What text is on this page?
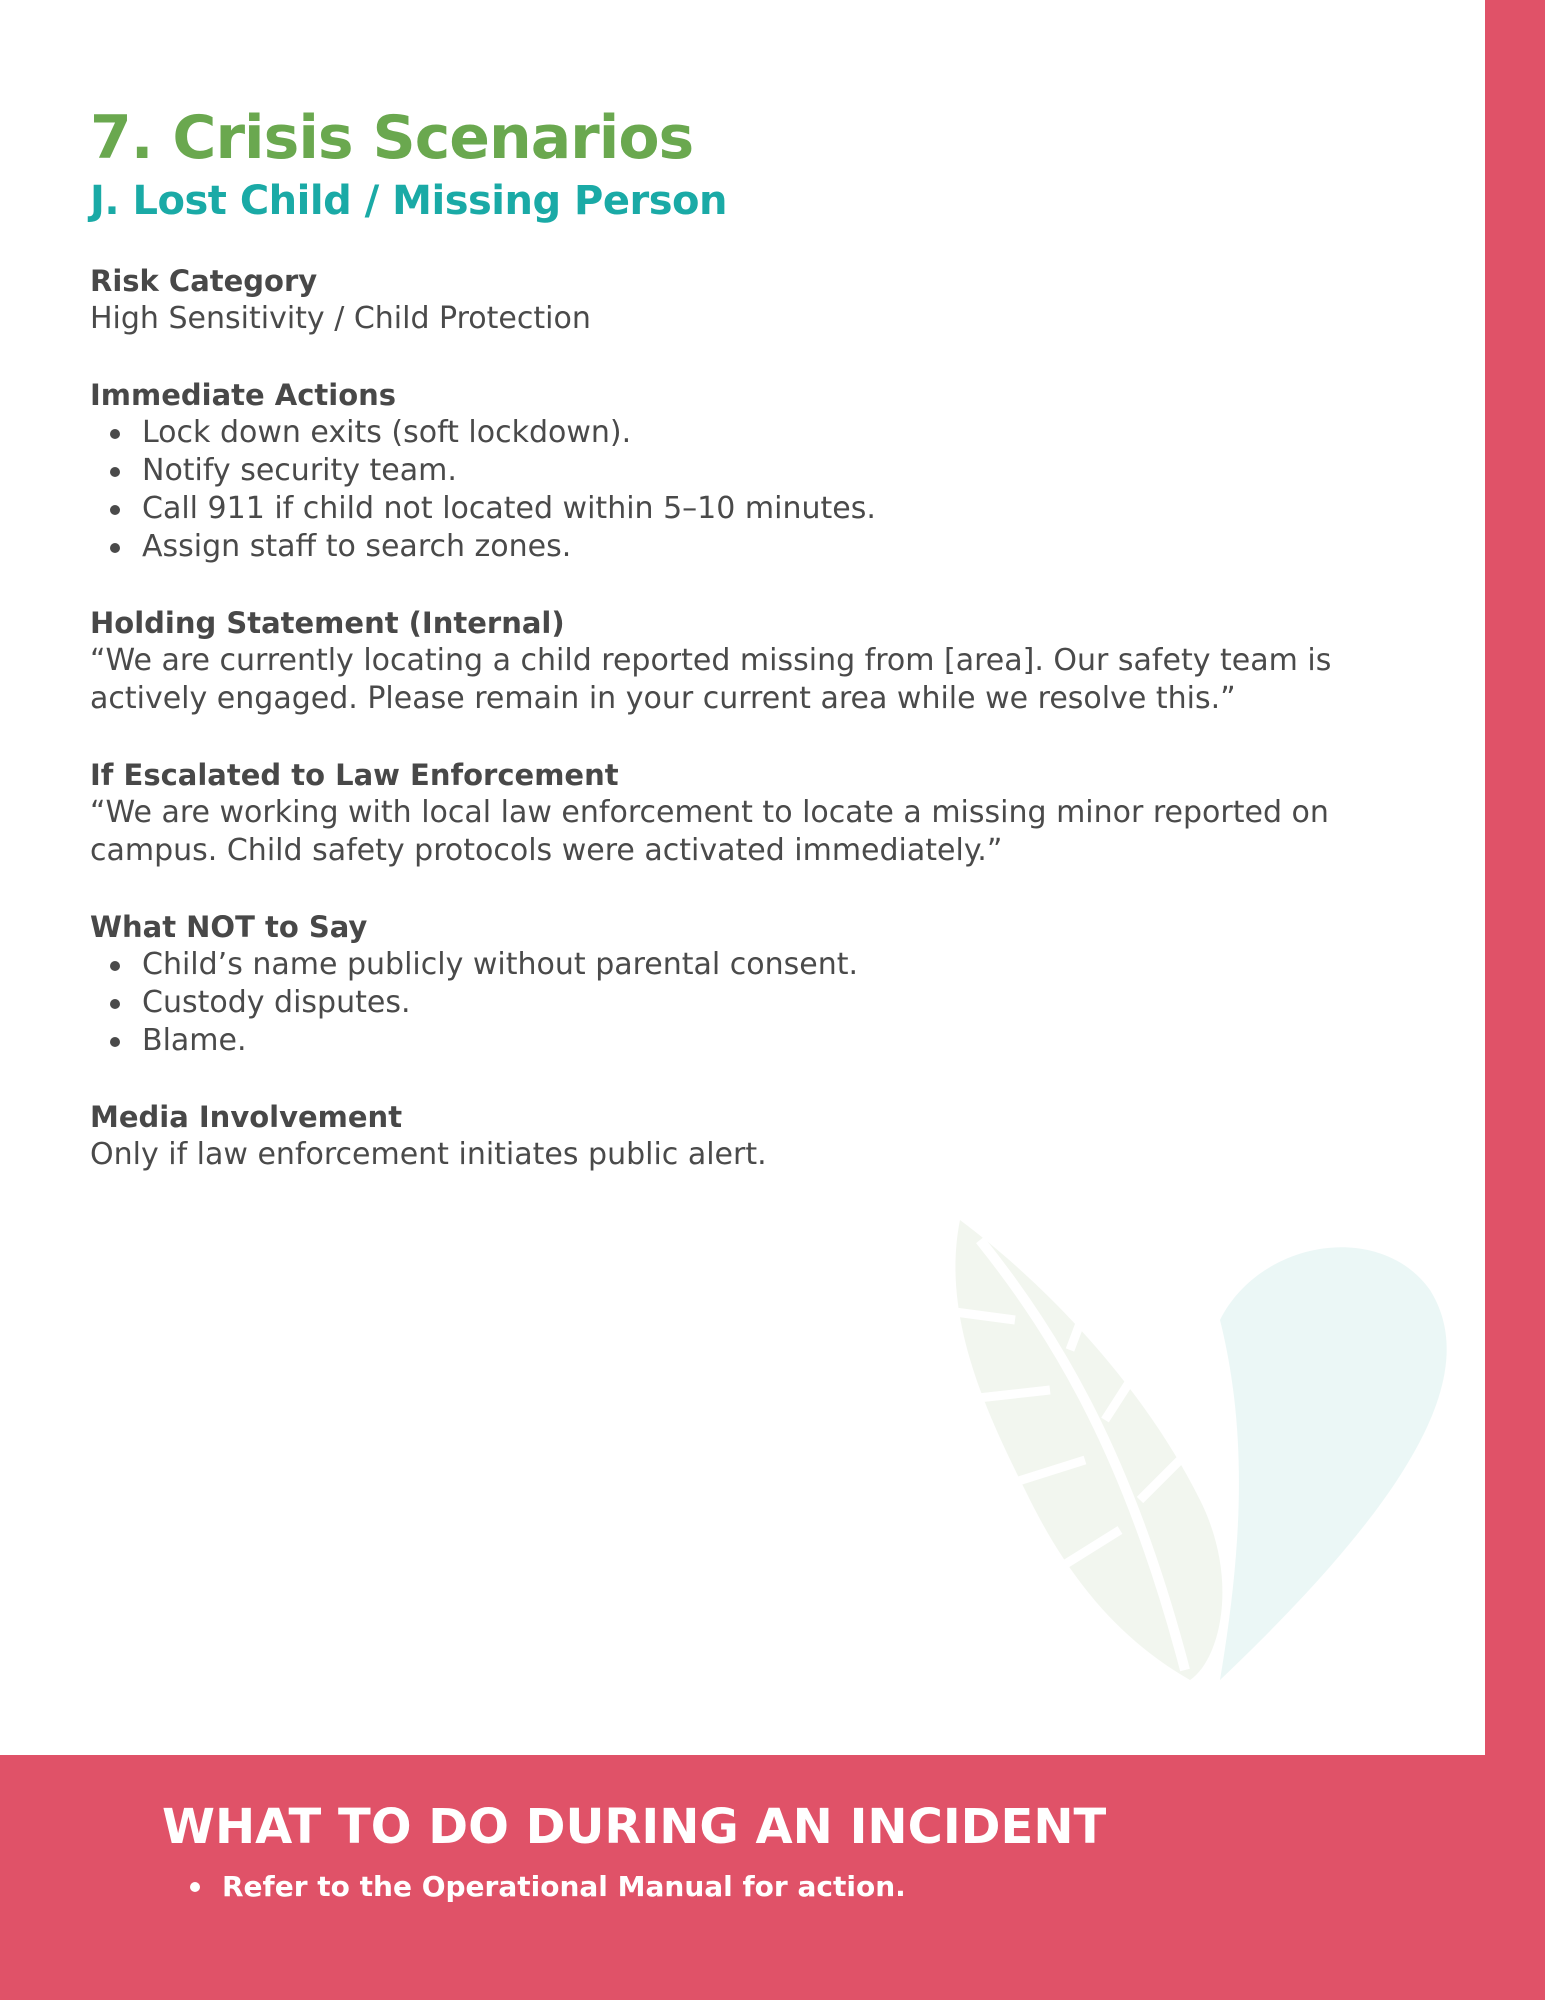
7. Crisis Scenarios
J. Lost Child / Missing Person

Risk Category

High Sensitivity / Child Protection

Immediate Actions

Lock down exits (soft lockdown).
Notify security team.
Call 911 if child not located within 5–10 minutes.
Assign staff to search zones.

Holding Statement (Internal)

“We are currently locating a child reported missing from [area]. Our safety team is actively engaged. Please remain in your current area while we resolve this.”

If Escalated to Law Enforcement

“We are working with local law enforcement to locate a missing minor reported on campus. Child safety protocols were activated immediately.”

What NOT to Say

Child’s name publicly without parental consent.
Custody disputes.
Blame.

Media Involvement

Only if law enforcement initiates public alert.

WHAT TO DO DURING AN INCIDENT

Refer to the Operational Manual for action.
